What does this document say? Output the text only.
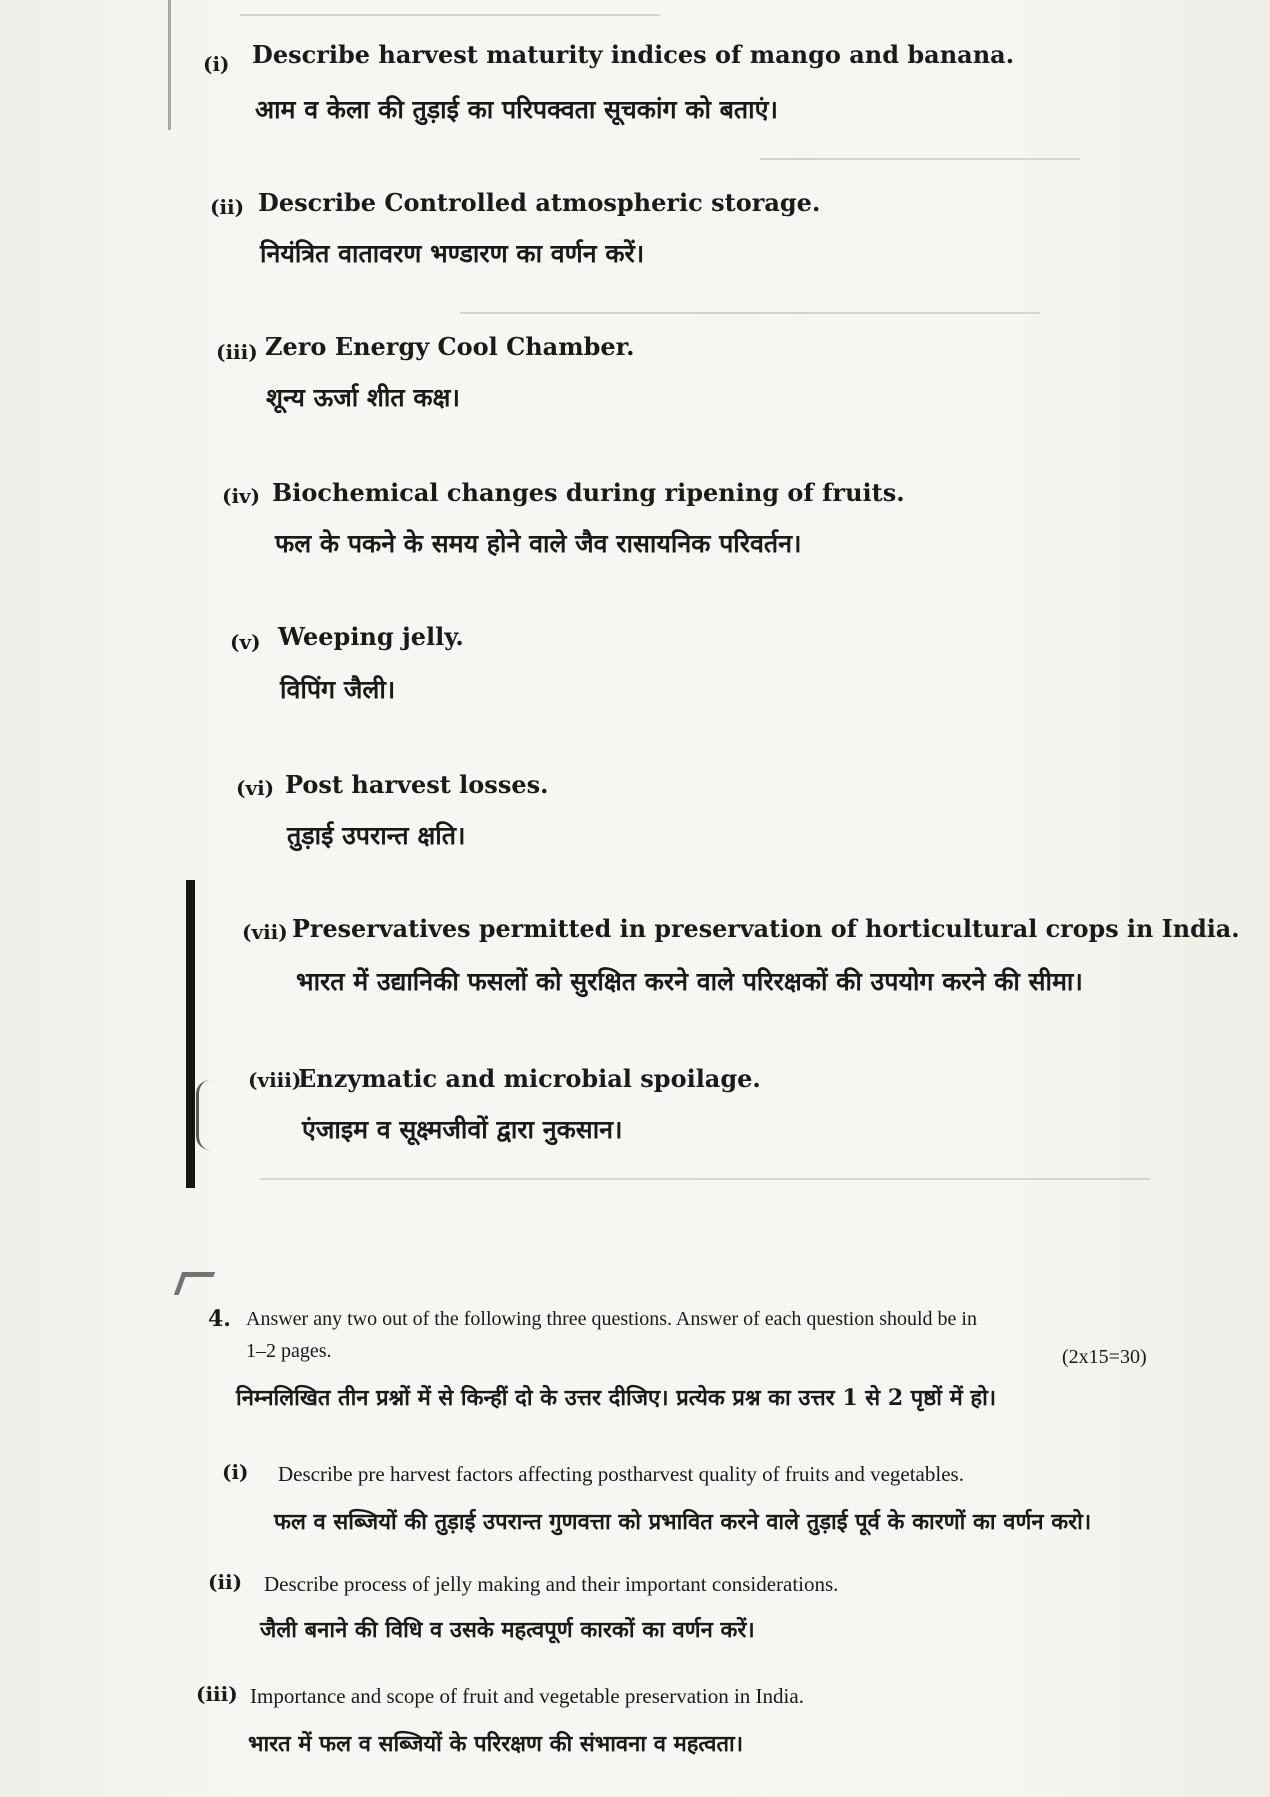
(i) Describe harvest maturity indices of mango and banana.
आम व केला की तुड़ाई का परिपक्वता सूचकांग को बताएं।
(ii) Describe Controlled atmospheric storage.
नियंत्रित वातावरण भण्डारण का वर्णन करें।
(iii) Zero Energy Cool Chamber.
शून्य ऊर्जा शीत कक्ष।
(iv) Biochemical changes during ripening of fruits.
फल के पकने के समय होने वाले जैव रासायनिक परिवर्तन।
(v) Weeping jelly.
विपिंग जैली।
(vi) Post harvest losses.
तुड़ाई उपरान्त क्षति।
(vii) Preservatives permitted in preservation of horticultural crops in India.
भारत में उद्यानिकी फसलों को सुरक्षित करने वाले परिरक्षकों की उपयोग करने की सीमा।
(viii)
Enzymatic and microbial spoilage.
एंजाइम व सूक्ष्मजीवों द्वारा नुकसान।
4. Answer any two out of the following three questions. Answer of each question should be in
1–2 pages.	(2x15=30)
निम्नलिखित तीन प्रश्नों में से किन्हीं दो के उत्तर दीजिए। प्रत्येक प्रश्न का उत्तर 1 से 2 पृष्ठों में हो।
(i) Describe pre harvest factors affecting postharvest quality of fruits and vegetables.
फल व सब्जियों की तुड़ाई उपरान्त गुणवत्ता को प्रभावित करने वाले तुड़ाई पूर्व के कारणों का वर्णन करो।
(ii) Describe process of jelly making and their important considerations.
जैली बनाने की विधि व उसके महत्वपूर्ण कारकों का वर्णन करें।
(iii) Importance and scope of fruit and vegetable preservation in India.
भारत में फल व सब्जियों के परिरक्षण की संभावना व महत्वता।
